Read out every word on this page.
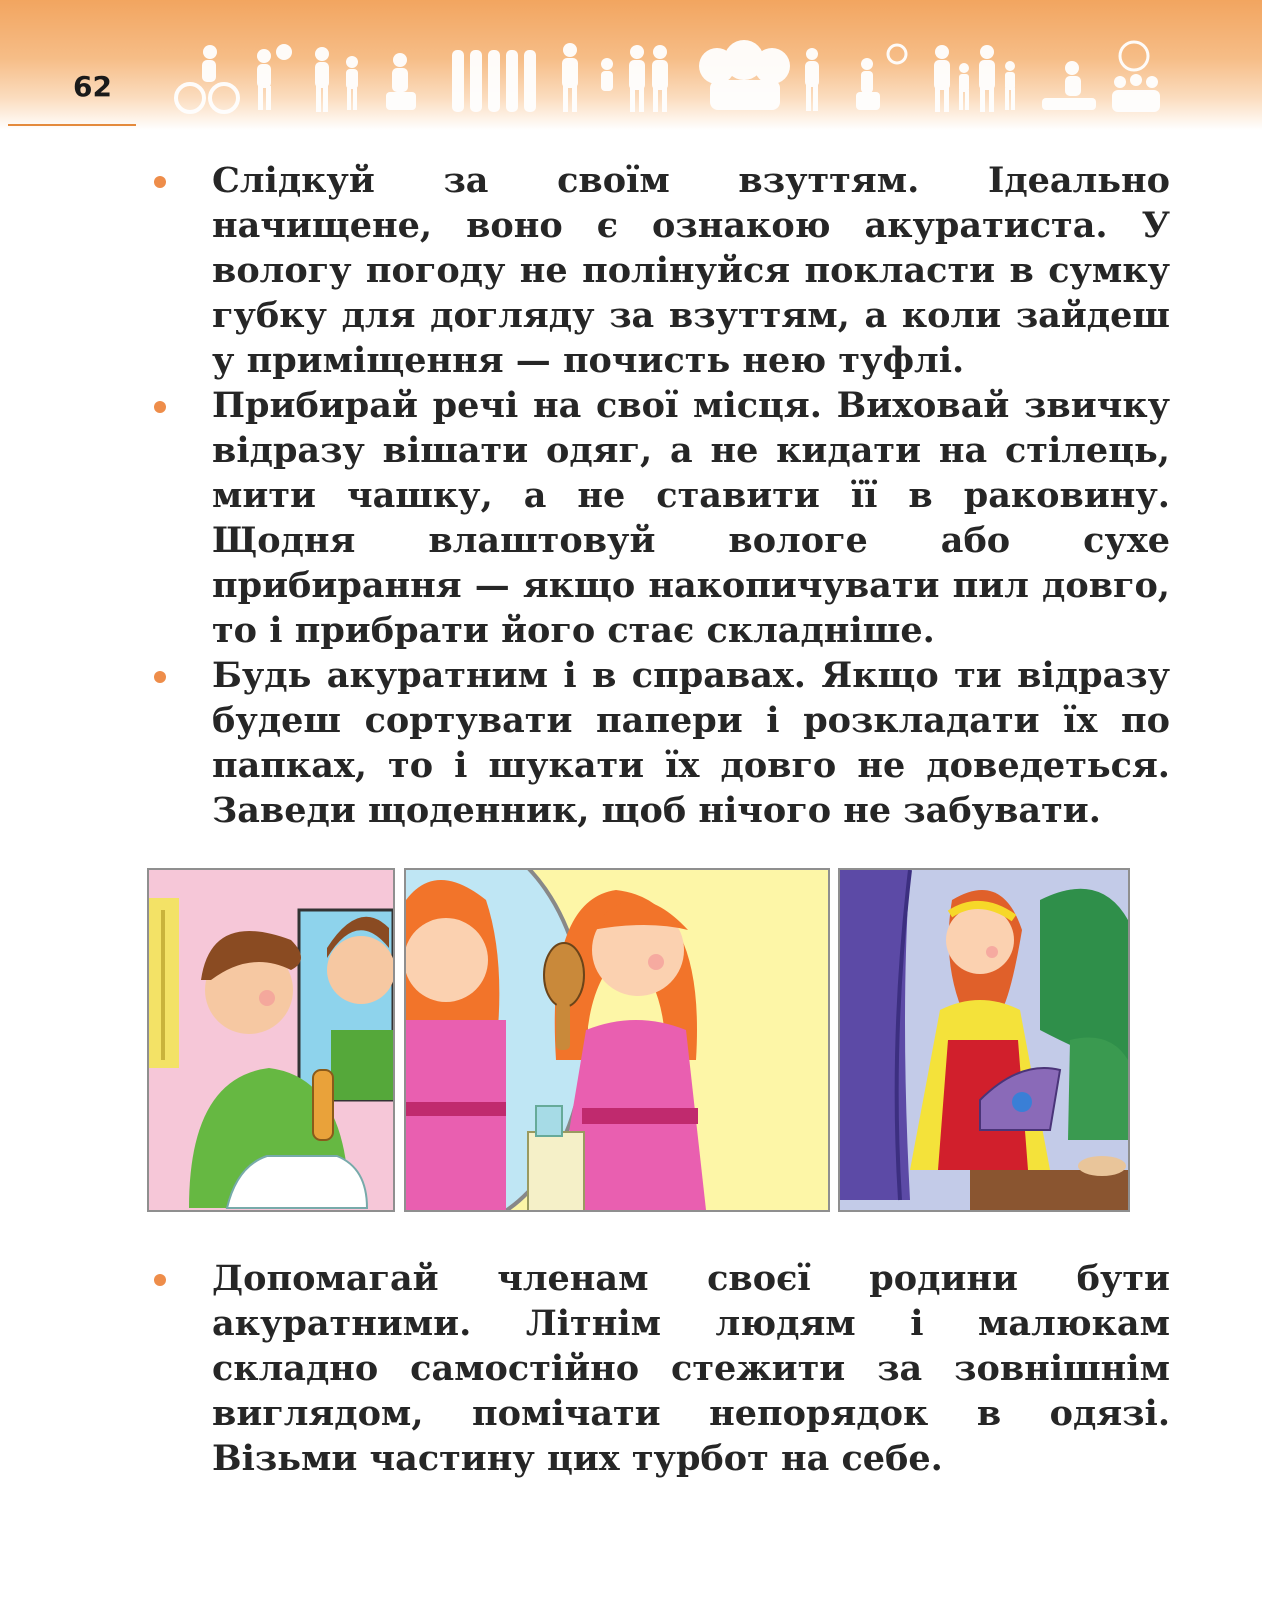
62
Слідкуй за своїм взуттям. Ідеально начищене, воно є ознакою акуратиста. У вологу погоду не полінуйся покласти в сумку губку для догляду за взуттям, а коли зайдеш у приміщення — почисть нею туфлі.
Прибирай речі на свої місця. Виховай звичку відразу вішати одяг, а не кидати на стілець, мити чашку, а не ставити її в раковину. Щодня влаштовуй вологе або сухе прибирання — якщо накопичувати пил довго, то і прибрати його стає складніше.
Будь акуратним і в справах. Якщо ти відразу будеш сортувати папери і розкладати їх по папках, то і шукати їх довго не доведеться. Заведи щоденник, щоб нічого не забувати.
Допомагай членам своєї родини бути акуратними. Літнім людям і малюкам складно самостійно стежити за зовнішнім виглядом, помічати непорядок в одязі. Візьми частину цих турбот на себе.
